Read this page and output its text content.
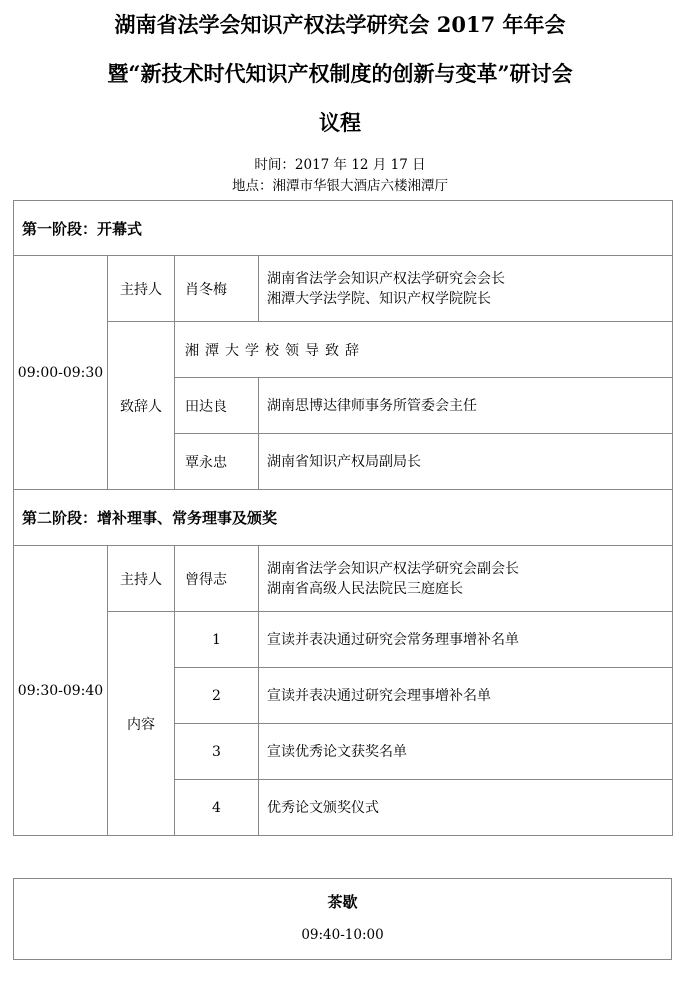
湖南省法学会知识产权法学研究会 2017 年年会
暨“新技术时代知识产权制度的创新与变革”研讨会
议程
时间：2017 年 12 月 17 日
地点：湘潭市华银大酒店六楼湘潭厅
第一阶段：开幕式			
09:00-09:30	主持人	肖冬梅	湖南省法学会知识产权法学研究会会长
湘潭大学法学院、知识产权学院院长

	致辞人	湘潭大学校领导致辞	
		田达良	湖南思博达律师事务所管委会主任
		覃永忠	湖南省知识产权局副局长
第二阶段：增补理事、常务理事及颁奖			
09:30-09:40	主持人	曾得志	湖南省法学会知识产权法学研究会副会长
湖南省高级人民法院民三庭庭长

	内容	1	宣读并表决通过研究会常务理事增补名单
		2	宣读并表决通过研究会理事增补名单
		3	宣读优秀论文获奖名单
		4	优秀论文颁奖仪式
茶歇
09:40-10:00
